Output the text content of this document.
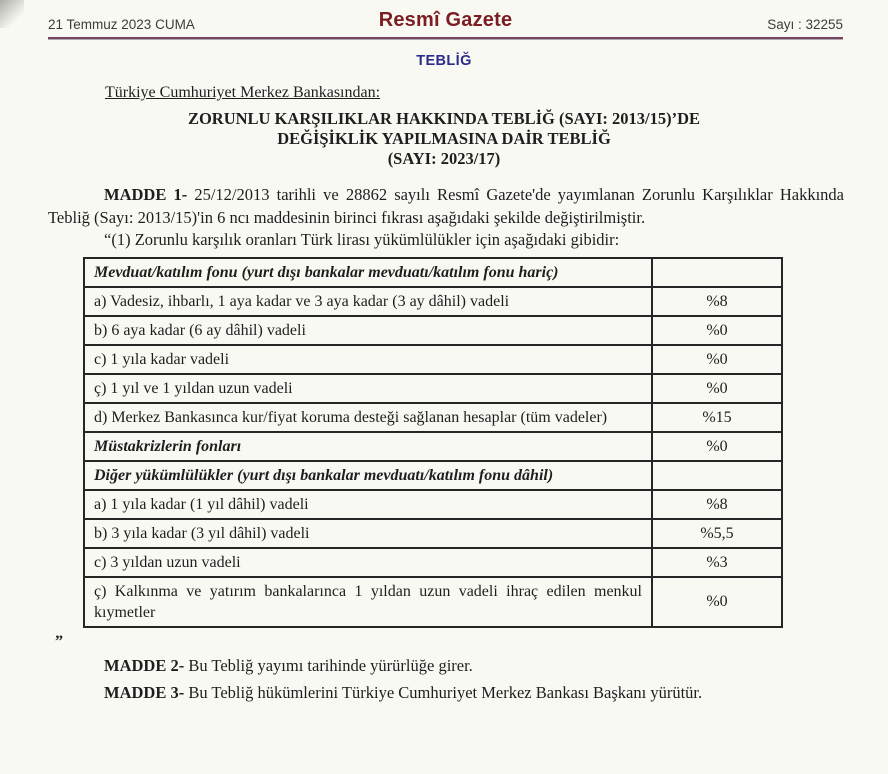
21 Temmuz 2023 CUMA	Resmî Gazete	Sayı : 32255
TEBLİĞ
Türkiye Cumhuriyet Merkez Bankasından:
ZORUNLU KARŞILIKLAR HAKKINDA TEBLİĞ (SAYI: 2013/15)’DE
DEĞİŞİKLİK YAPILMASINA DAİR TEBLİĞ
(SAYI: 2023/17)

MADDE 1- 25/12/2013 tarihli ve 28862 sayılı Resmî Gazete'de yayımlanan Zorunlu Karşılıklar Hakkında Tebliğ (Sayı: 2013/15)'in 6 ncı maddesinin birinci fıkrası aşağıdaki şekilde değiştirilmiştir.

“(1) Zorunlu karşılık oranları Türk lirası yükümlülükler için aşağıdaki gibidir:

Mevduat/katılım fonu (yurt dışı bankalar mevduatı/katılım fonu hariç)	
a) Vadesiz, ihbarlı, 1 aya kadar ve 3 aya kadar (3 ay dâhil) vadeli	%8
b) 6 aya kadar (6 ay dâhil) vadeli	%0
c) 1 yıla kadar vadeli	%0
ç) 1 yıl ve 1 yıldan uzun vadeli	%0
d) Merkez Bankasınca kur/fiyat koruma desteği sağlanan hesaplar (tüm vadeler)	%15
Müstakrizlerin fonları	%0
Diğer yükümlülükler (yurt dışı bankalar mevduatı/katılım fonu dâhil)	
a) 1 yıla kadar (1 yıl dâhil) vadeli	%8
b) 3 yıla kadar (3 yıl dâhil) vadeli	%5,5
c) 3 yıldan uzun vadeli	%3
ç) Kalkınma ve yatırım bankalarınca 1 yıldan uzun vadeli ihraç edilen menkul kıymetler	%0
”

MADDE 2- Bu Tebliğ yayımı tarihinde yürürlüğe girer.

MADDE 3- Bu Tebliğ hükümlerini Türkiye Cumhuriyet Merkez Bankası Başkanı yürütür.
